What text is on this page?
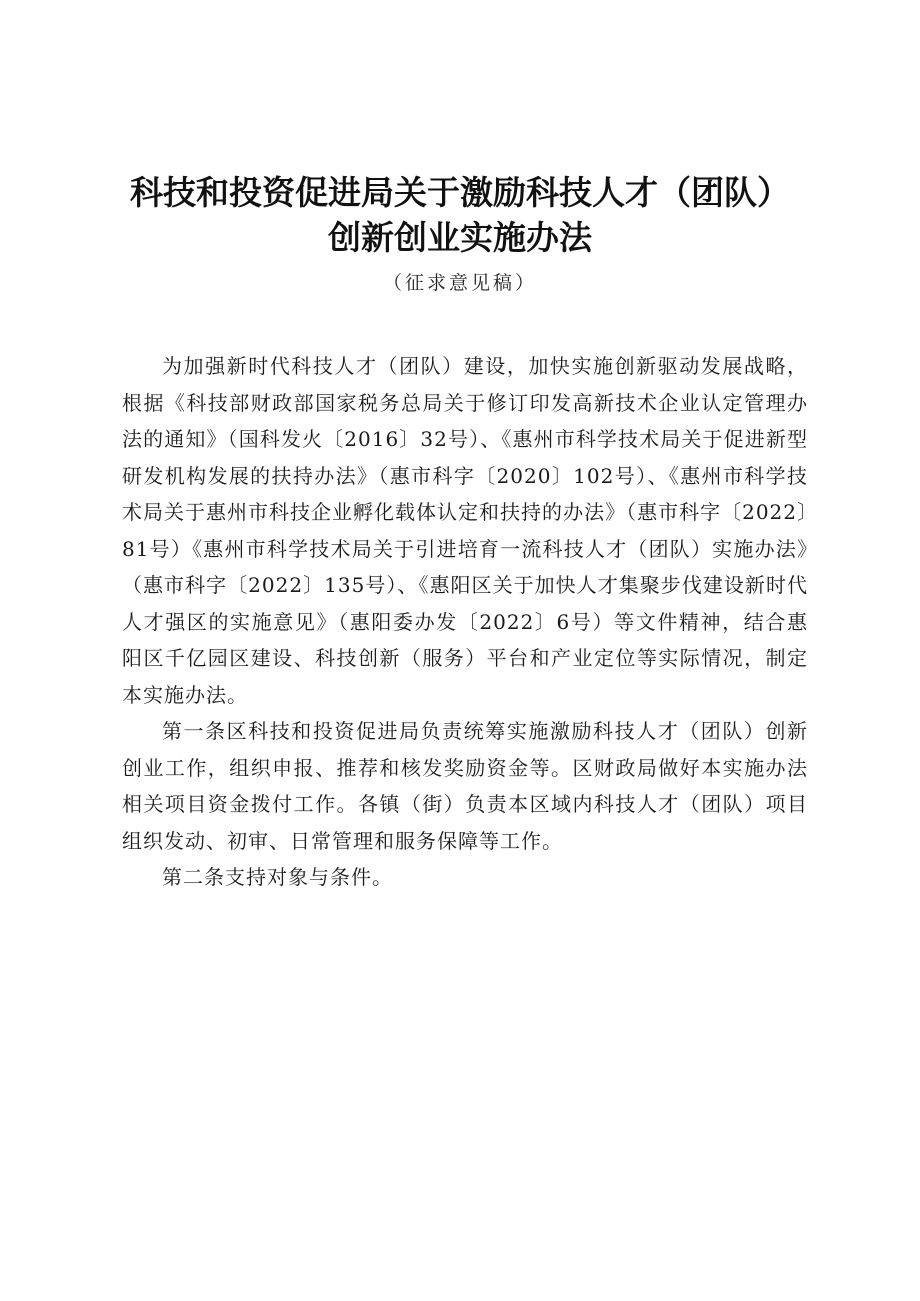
科技和投资促进局关于激励科技人才（团队）
创新创业实施办法
（征求意见稿）

为加强新时代科技人才（团队）建设，加快实施创新驱动发展战略，根据《科技部财政部国家税务总局关于修订印发高新技术企业认定管理办法的通知》（国科发火〔2016〕32号）、《惠州市科学技术局关于促进新型研发机构发展的扶持办法》（惠市科字〔2020〕102号）、《惠州市科学技术局关于惠州市科技企业孵化载体认定和扶持的办法》（惠市科字〔2022〕81号）《惠州市科学技术局关于引进培育一流科技人才（团队）实施办法》（惠市科字〔2022〕135号）、《惠阳区关于加快人才集聚步伐建设新时代人才强区的实施意见》（惠阳委办发〔2022〕6号）等文件精神，结合惠阳区千亿园区建设、科技创新（服务）平台和产业定位等实际情况，制定本实施办法。

第一条区科技和投资促进局负责统筹实施激励科技人才（团队）创新创业工作，组织申报、推荐和核发奖励资金等。区财政局做好本实施办法相关项目资金拨付工作。各镇（街）负责本区域内科技人才（团队）项目组织发动、初审、日常管理和服务保障等工作。

第二条支持对象与条件。
